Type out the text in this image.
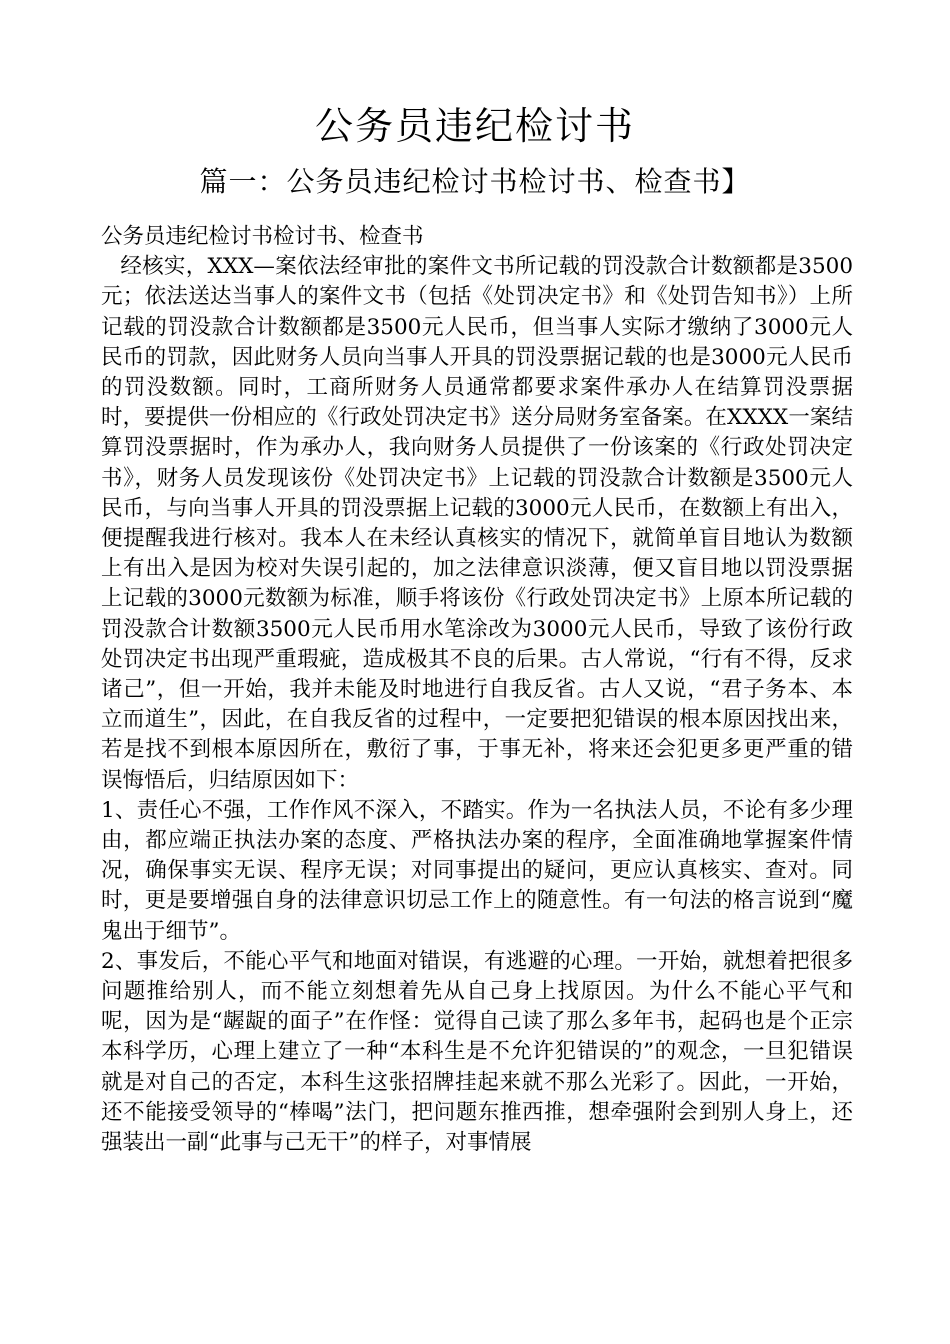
公务员违纪检讨书
篇一：公务员违纪检讨书检讨书、检查书】

公务员违纪检讨书检讨书、检查书

经核实，XXX—案依法经审批的案件文书所记载的罚没款合计数额都是3500元；依法送达当事人的案件文书（包括《处罚决定书》和《处罚告知书》）上所记载的罚没款合计数额都是3500元人民币，但当事人实际才缴纳了3000元人民币的罚款，因此财务人员向当事人开具的罚没票据记载的也是3000元人民币的罚没数额。同时，工商所财务人员通常都要求案件承办人在结算罚没票据时，要提供一份相应的《行政处罚决定书》送分局财务室备案。在XXXX一案结算罚没票据时，作为承办人，我向财务人员提供了一份该案的《行政处罚决定书》，财务人员发现该份《处罚决定书》上记载的罚没款合计数额是3500元人民币，与向当事人开具的罚没票据上记载的3000元人民币，在数额上有出入，便提醒我进行核对。我本人在未经认真核实的情况下，就简单盲目地认为数额上有出入是因为校对失误引起的，加之法律意识淡薄，便又盲目地以罚没票据上记载的3000元数额为标准，顺手将该份《行政处罚决定书》上原本所记载的罚没款合计数额3500元人民币用水笔涂改为3000元人民币，导致了该份行政处罚决定书出现严重瑕疵，造成极其不良的后果。古人常说，“行有不得，反求诸己”，但一开始，我并未能及时地进行自我反省。古人又说，“君子务本、本立而道生”，因此，在自我反省的过程中，一定要把犯错误的根本原因找出来，若是找不到根本原因所在，敷衍了事，于事无补，将来还会犯更多更严重的错误悔悟后，归结原因如下：

1、责任心不强，工作作风不深入，不踏实。作为一名执法人员，不论有多少理由，都应端正执法办案的态度、严格执法办案的程序，全面准确地掌握案件情况，确保事实无误、程序无误；对同事提出的疑问，更应认真核实、查对。同时，更是要增强自身的法律意识切忌工作上的随意性。有一句法的格言说到“魔鬼出于细节”。

2、事发后，不能心平气和地面对错误，有逃避的心理。一开始，就想着把很多问题推给别人，而不能立刻想着先从自己身上找原因。为什么不能心平气和呢，因为是“龌龊的面子”在作怪：觉得自己读了那么多年书，起码也是个正宗本科学历，心理上建立了一种“本科生是不允许犯错误的”的观念，一旦犯错误就是对自己的否定，本科生这张招牌挂起来就不那么光彩了。因此，一开始，还不能接受领导的“棒喝”法门，把问题东推西推，想牵强附会到别人身上，还强装出一副“此事与己无干”的样子，对事情展
